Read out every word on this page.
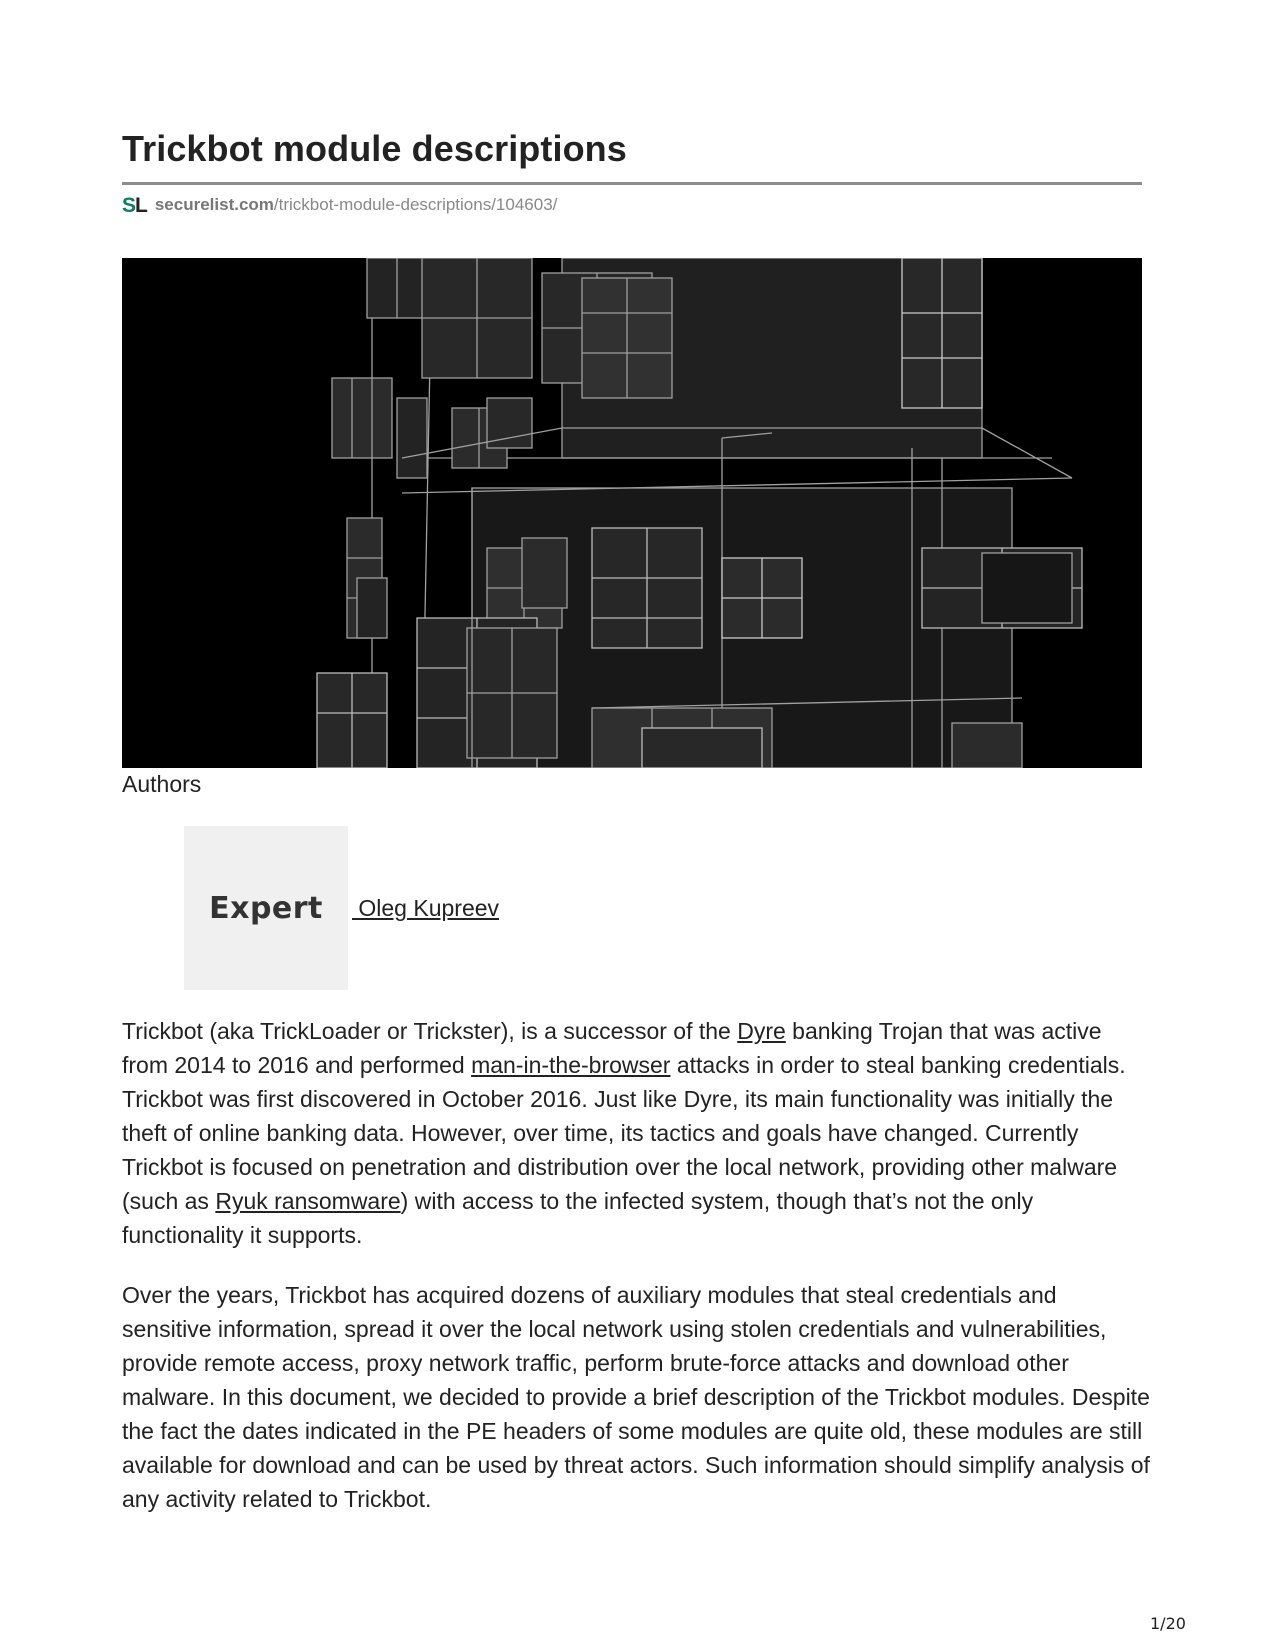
Trickbot module descriptions
S L securelist.com/trickbot-module-descriptions/104603/
Authors
Expert Oleg Kupreev

Trickbot (aka TrickLoader or Trickster), is a successor of the Dyre banking Trojan that was active from 2014 to 2016 and performed man-in-the-browser attacks in order to steal banking credentials. Trickbot was first discovered in October 2016. Just like Dyre, its main functionality was initially the theft of online banking data. However, over time, its tactics and goals have changed. Currently Trickbot is focused on penetration and distribution over the local network, providing other malware (such as Ryuk ransomware) with access to the infected system, though that’s not the only functionality it supports.

Over the years, Trickbot has acquired dozens of auxiliary modules that steal credentials and sensitive information, spread it over the local network using stolen credentials and vulnerabilities, provide remote access, proxy network traffic, perform brute-force attacks and download other malware. In this document, we decided to provide a brief description of the Trickbot modules. Despite the fact the dates indicated in the PE headers of some modules are quite old, these modules are still available for download and can be used by threat actors. Such information should simplify analysis of any activity related to Trickbot.

1/20
